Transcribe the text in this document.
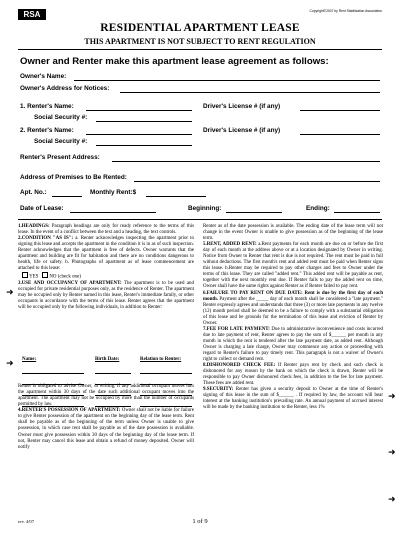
RSA	Copyright©2007 by Rent Stabilization Association
RESIDENTIAL APARTMENT LEASE
THIS APARTMENT IS NOT SUBJECT TO RENT REGULATION
Owner and Renter make this apartment lease agreement as follows:
Owner's Name:
Owner's Address for Notices:
1. Renter's Name:	Driver's License # (if any)
Social Security #:
2. Renter's Name:	Driver's License # (if any)
Social Security #:
Renter's Present Address:
Address of Premises to Be Rented:
Apt. No.:	Monthly Rent:$
Date of Lease:	Beginning:	Ending:

1.HEADINGS: Paragraph headings are only for ready reference to the terms of this lease. In the event of a conflict between the text and a heading, the text controls.

2.CONDITION "AS IS": a. Renter acknowledges inspecting the apartment prior to signing this lease and accepts the apartment in the condition it is in as of such inspection. Renter acknowledges that the apartment is free of defects. Owner warrants that the apartment and building are fit for habitation and there are no conditions dangerous to health, life or safety. b. Photographs of apartment as of lease commencement are attached to this lease:

YES NO (check one)

3.USE AND OCCUPANCY OF APARTMENT: The apartment is to be used and occupied for private residential purposes only, as the residence of Renter. The apartment may be occupied only by Renter named in this lease, Renter's immediate family, or other occupants in accordance with the terms of this lease. Renter agrees that the apartment will be occupied only by the following individuals, in addition to Renter:

Renter is obligated to advise Owner, in writing, if any additional occupant moves into the apartment within 30 days of the date such additional occupant moves into the apartment. The apartment may not be occupied by more than the number of occupants permitted by law.

4.RENTER'S POSSESSION OF APARTMENT: Owner shall not be liable for failure to give Renter possession of the apartment on the beginning day of the lease term. Rent shall be payable as of the beginning of the term unless Owner is unable to give possession, in which case rent shall be payable as of the date possession is available. Owner must give possession within 30 days of the beginning day of the lease term. If not, Renter may cancel this lease and obtain a refund of money deposited. Owner will notify

Name:	Birth Date:	Relation to Renter:

Renter as of the date possession is available. The ending date of the lease term will not change in the event Owner is unable to give possession as of the beginning of the lease term.

5.RENT, ADDED RENT: a.Rent payments for each month are due on or before the first day of each month at the address above or at a location designated by Owner in writing. Notice from Owner to Renter that rent is due is not required. The rent must be paid in full without deductions. The first month's rent and added rent must be paid when Renter signs this lease. b.Renter may be required to pay other charges and fees to Owner under the terms of this lease. They are called "added rent." This added rent will be payable as rent, together with the next monthly rent due. If Renter fails to pay the added rent on time, Owner shall have the same rights against Renter as if Renter failed to pay rent.

6.FAILURE TO PAY RENT ON DUE DATE: Rent is due by the first day of each month. Payment after the _____ day of each month shall be considered a "late payment." Renter expressly agrees and understands that three (3) or more late payments in any twelve (12) month period shall be deemed to be a failure to comply with a substantial obligation of this lease and be grounds for the termination of this lease and eviction of Renter by Owner.

7.FEE FOR LATE PAYMENT: Due to administrative inconvenience and costs incurred due to late payment of rent, Renter agrees to pay the sum of $______ per month in any month in which the rent is tendered after the late payment date, as added rent. Although Owner is charging a late charge, Owner may commence any action or proceeding with regard to Renter's failure to pay timely rent. This paragraph is not a waiver of Owner's right to collect or demand rent.

8.DISHONORED CHECK FEE: If Renter pays rent by check and such check is dishonored for any reason by the bank on which the check is drawn, Renter will be responsible to pay Owner dishonored check fees, in addition to the fee for late payment. These fees are added rent.

9.SECURITY: Renter has given a security deposit to Owner at the time of Renter's signing of this lease in the sum of $______ . If required by law, the account will bear interest at the banking institution's prevailing rate. An annual payment of accrued interest will be made by the banking institution to the Renter, less 1%

➜
➜
➜
➜
➜
rev. 4/07	1 of 9
